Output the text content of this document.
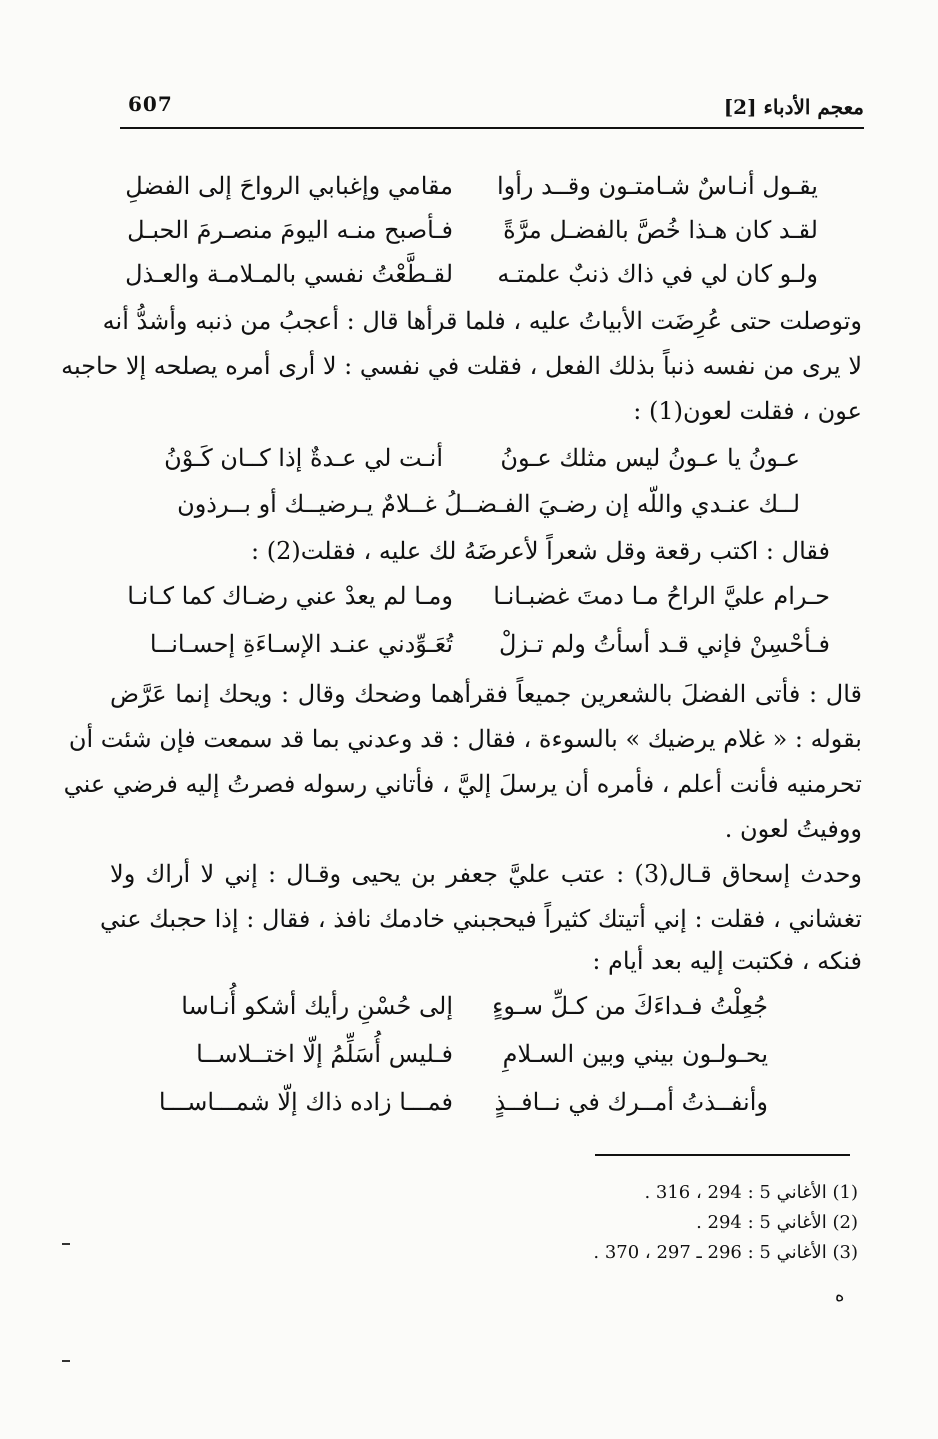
معجم الأدباء [2]
607
يقـول أنـاسٌ شـامتـون وقــد رأوا
مقامي وإغبابي الرواحَ إلى الفضلِ
لقـد كان هـذا خُصَّ بالفضـل مرَّةً
فـأصبح منـه اليومَ منصـرمَ الحبـل
ولـو كان لي في ذاك ذنبٌ علمتـه
لقـطَّعْتُ نفسي بالمـلامـة والعـذل
وتوصلت حتى عُرِضَت الأبياتُ عليه ، فلما قرأها قال : أعجبُ من ذنبه وأشدُّ أنه
لا يرى من نفسه ذنباً بذلك الفعل ، فقلت في نفسي : لا أرى أمره يصلحه إلا حاجبه
عون ، فقلت لعون(1) :
عـونُ يا عـونُ ليس مثلك عـونُ
أنـت لي عـدةٌ إذا كــان كَـوْنُ
لــك عنـدي واللّه إن رضـيَ الفـضــلُ غــلامٌ يـرضيــك أو بــرذون
فقال : اكتب رقعة وقل شعراً لأعرضَهُ لك عليه ، فقلت(2) :
حـرام عليَّ الراحُ مـا دمتَ غضبـانـا
ومـا لم يعدْ عني رضـاك كما كـانـا
فـأحْسِنْ فإني قـد أسأتُ ولم تـزلْ
تُعَـوِّدني عنـد الإسـاءَةِ إحسـانــا
قال : فأتى الفضلَ بالشعرين جميعاً فقرأهما وضحك وقال : ويحك إنما عَرَّض
بقوله : « غلام يرضيك » بالسوءة ، فقال : قد وعدني بما قد سمعت فإن شئت أن
تحرمنيه فأنت أعلم ، فأمره أن يرسلَ إليَّ ، فأتاني رسوله فصرتُ إليه فرضي عني
ووفيتُ لعون .
وحدث إسحاق قـال(3) : عتب عليَّ جعفر بن يحيى وقـال : إني لا أراك ولا
تغشاني ، فقلت : إني أتيتك كثيراً فيحجبني خادمك نافذ ، فقال : إذا حجبك عني
فنكه ، فكتبت إليه بعد أيام :
جُعِلْتُ فـداءَكَ من كـلِّ سـوءٍ
إلى حُسْنِ رأيك أشكو أُنـاسا
يحـولـون بيني وبين السـلامِ
فـليس أُسَلِّمُ إلّا اختــلاســا
وأنفــذتُ أمــرك في نــافــذٍ
فمـــا زاده ذاك إلّا شمـــاســـا
(1) الأغاني 5 : 294 ، 316 .
(2) الأغاني 5 : 294 .
(3) الأغاني 5 : 296 ـ 297 ، 370 .
ه
